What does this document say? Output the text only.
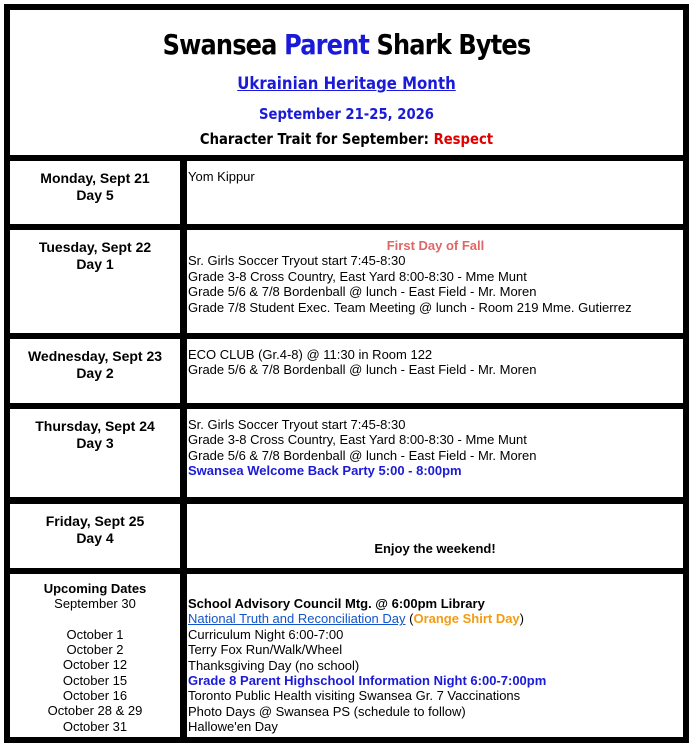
Swansea Parent Shark Bytes
Ukrainian Heritage Month
September 21-25, 2026
Character Trait for September: Respect
Monday, Sept 21
Day 5
Yom Kippur
Tuesday, Sept 22
Day 1
First Day of Fall
Sr. Girls Soccer Tryout start 7:45-8:30
Grade 3-8 Cross Country, East Yard 8:00-8:30 - Mme Munt
Grade 5/6 & 7/8 Bordenball @ lunch - East Field - Mr. Moren
Grade 7/8 Student Exec. Team Meeting @ lunch - Room 219 Mme. Gutierrez
Wednesday, Sept 23
Day 2
ECO CLUB (Gr.4-8) @ 11:30 in Room 122
Grade 5/6 & 7/8 Bordenball @ lunch - East Field - Mr. Moren
Thursday, Sept 24
Day 3
Sr. Girls Soccer Tryout start 7:45-8:30
Grade 3-8 Cross Country, East Yard 8:00-8:30 - Mme Munt
Grade 5/6 & 7/8 Bordenball @ lunch - East Field - Mr. Moren
Swansea Welcome Back Party 5:00 - 8:00pm
Friday, Sept 25
Day 4
Enjoy the weekend!
Upcoming Dates
September 30
October 1
October 2
October 12
October 15
October 16
October 28 & 29
October 31
School Advisory Council Mtg. @ 6:00pm Library
National Truth and Reconciliation Day (Orange Shirt Day)
Curriculum Night 6:00-7:00
Terry Fox Run/Walk/Wheel
Thanksgiving Day (no school)
Grade 8 Parent Highschool Information Night 6:00-7:00pm
Toronto Public Health visiting Swansea Gr. 7 Vaccinations
Photo Days @ Swansea PS (schedule to follow)
Hallowe'en Day
